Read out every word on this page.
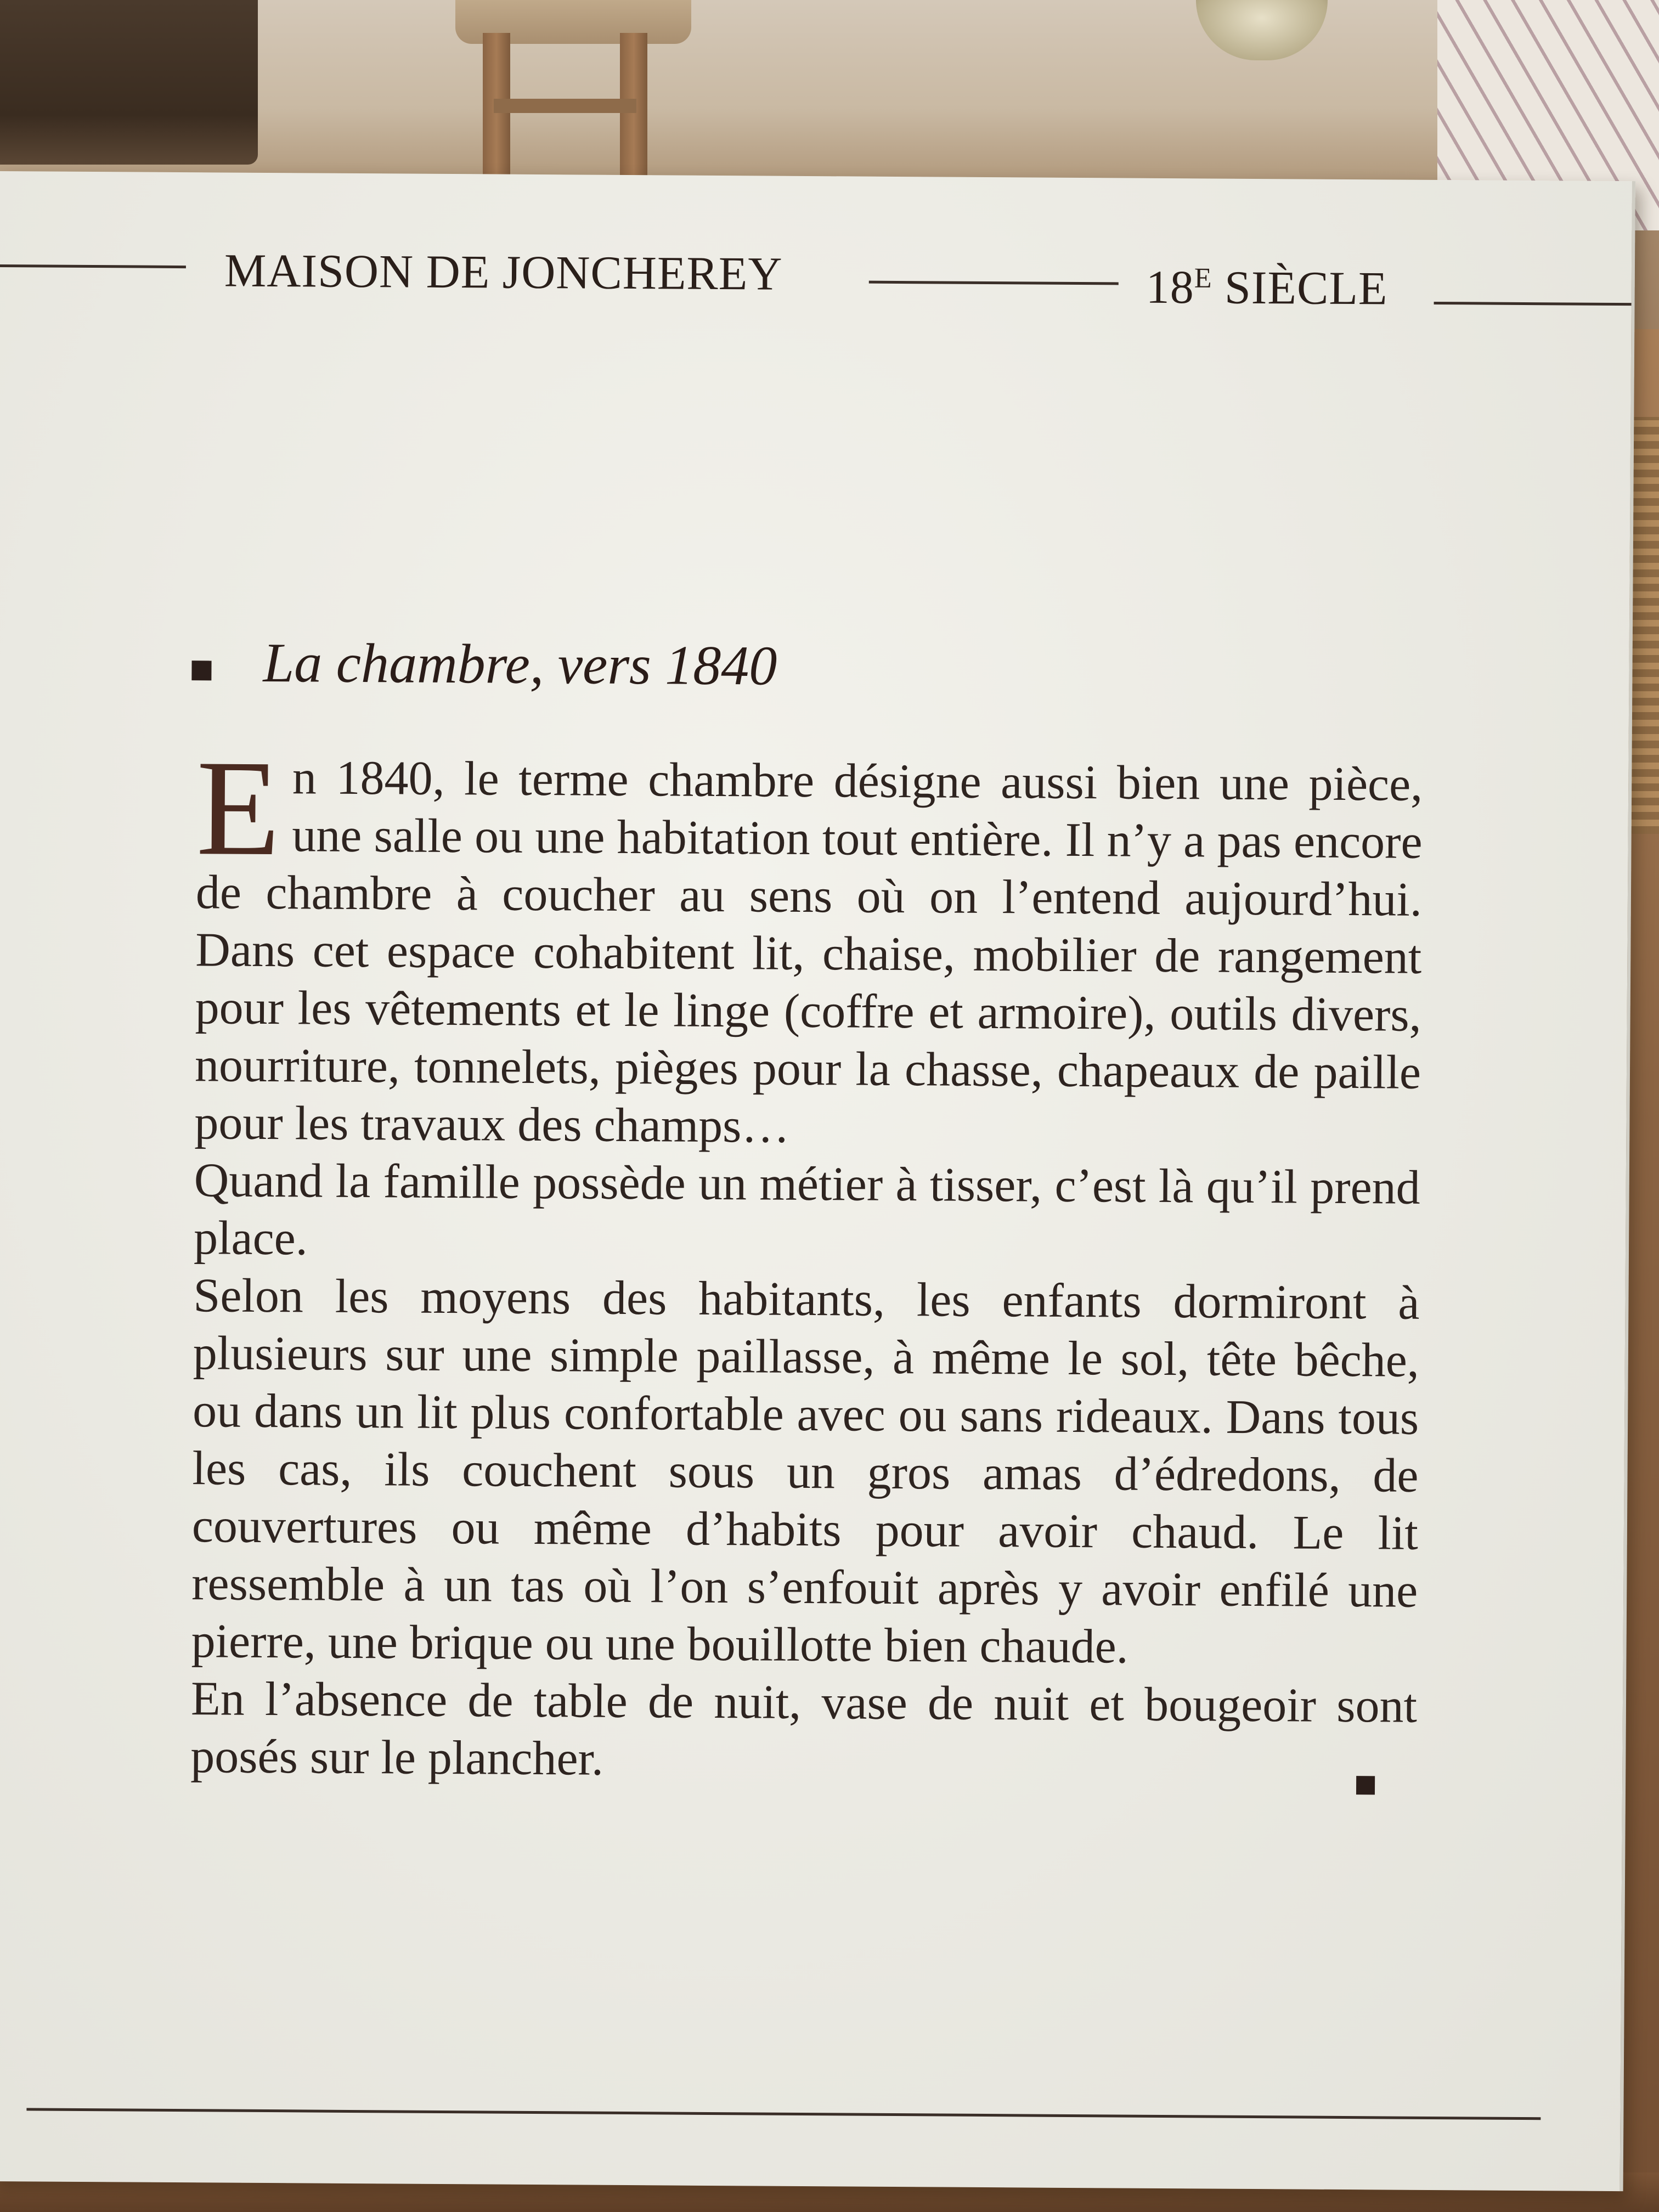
MAISON DE JONCHEREY	$18^E$ SIÈCLE
La chambre, vers 1840

En 1840, le terme chambre désigne aussi bien une pièce, une salle ou une habitation tout entière. Il n’y a pas encore de chambre à coucher au sens où on l’entend aujourd’hui. Dans cet espace cohabitent lit, chaise, mobilier de rangement pour les vêtements et le linge (coffre et armoire), outils divers, nourriture, tonnelets, pièges pour la chasse, chapeaux de paille pour les travaux des champs…

Quand la famille possède un métier à tisser, c’est là qu’il prend place.

Selon les moyens des habitants, les enfants dormiront à plusieurs sur une simple paillasse, à même le sol, tête bêche, ou dans un lit plus confortable avec ou sans rideaux. Dans tous les cas, ils couchent sous un gros amas d’édredons, de couvertures ou même d’habits pour avoir chaud. Le lit ressemble à un tas où l’on s’enfouit après y avoir enfilé une pierre, une brique ou une bouillotte bien chaude.

En l’absence de table de nuit, vase de nuit et bougeoir sont posés sur le plancher.
